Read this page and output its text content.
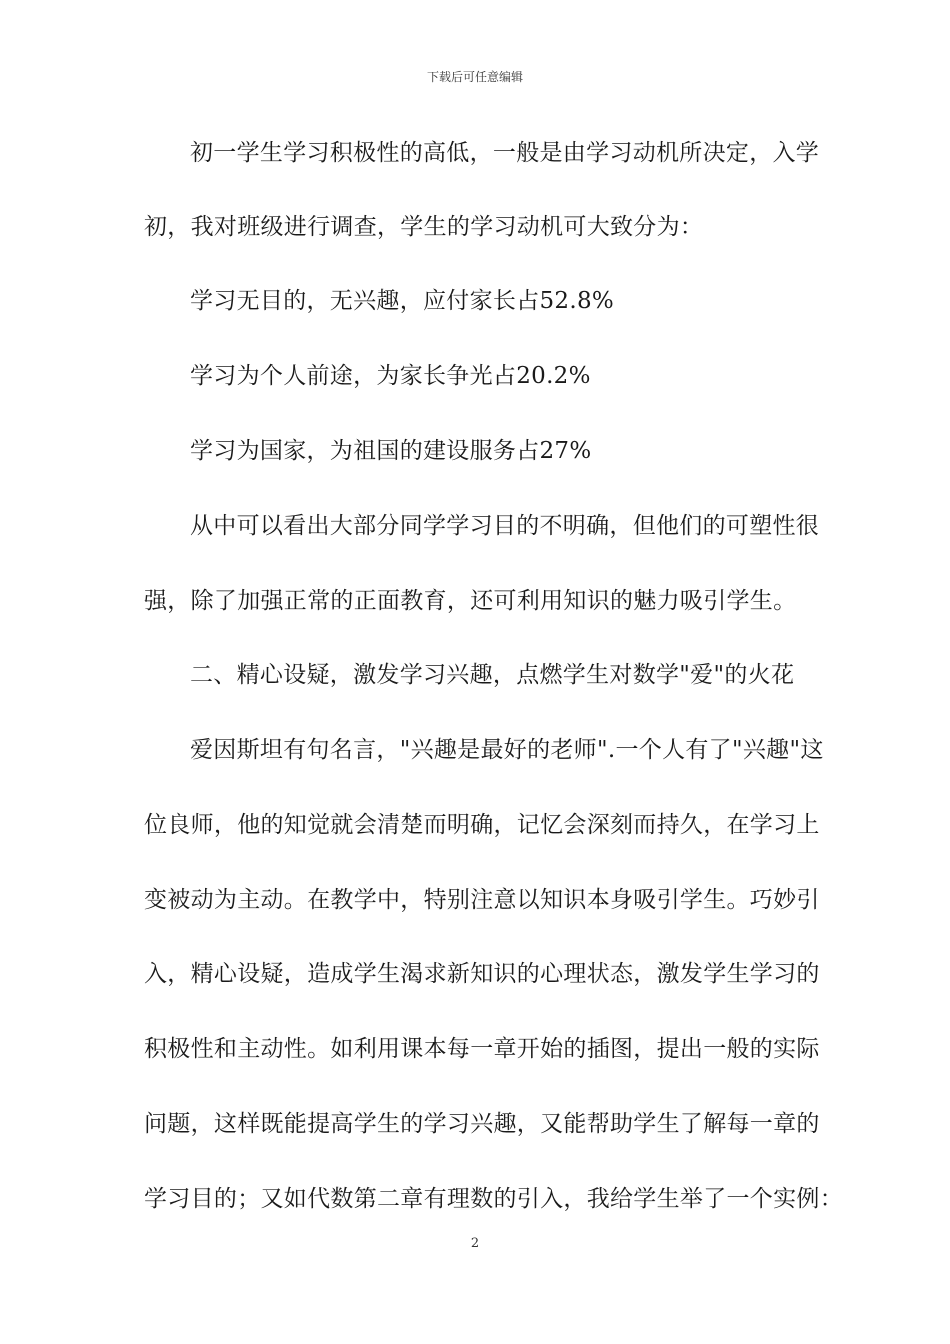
下载后可任意编辑
初一学生学习积极性的高低，一般是由学习动机所决定，入学
初，我对班级进行调查，学生的学习动机可大致分为：
学习无目的，无兴趣，应付家长占52.8%
学习为个人前途，为家长争光占20.2%
学习为国家，为祖国的建设服务占27%
从中可以看出大部分同学学习目的不明确，但他们的可塑性很
强，除了加强正常的正面教育，还可利用知识的魅力吸引学生。
二、精心设疑，激发学习兴趣，点燃学生对数学"爱"的火花
爱因斯坦有句名言，"兴趣是最好的老师".一个人有了"兴趣"这
位良师，他的知觉就会清楚而明确，记忆会深刻而持久，在学习上
变被动为主动。在教学中，特别注意以知识本身吸引学生。巧妙引
入，精心设疑，造成学生渴求新知识的心理状态，激发学生学习的
积极性和主动性。如利用课本每一章开始的插图，提出一般的实际
问题，这样既能提高学生的学习兴趣，又能帮助学生了解每一章的
学习目的；又如代数第二章有理数的引入，我给学生举了一个实例：
2
